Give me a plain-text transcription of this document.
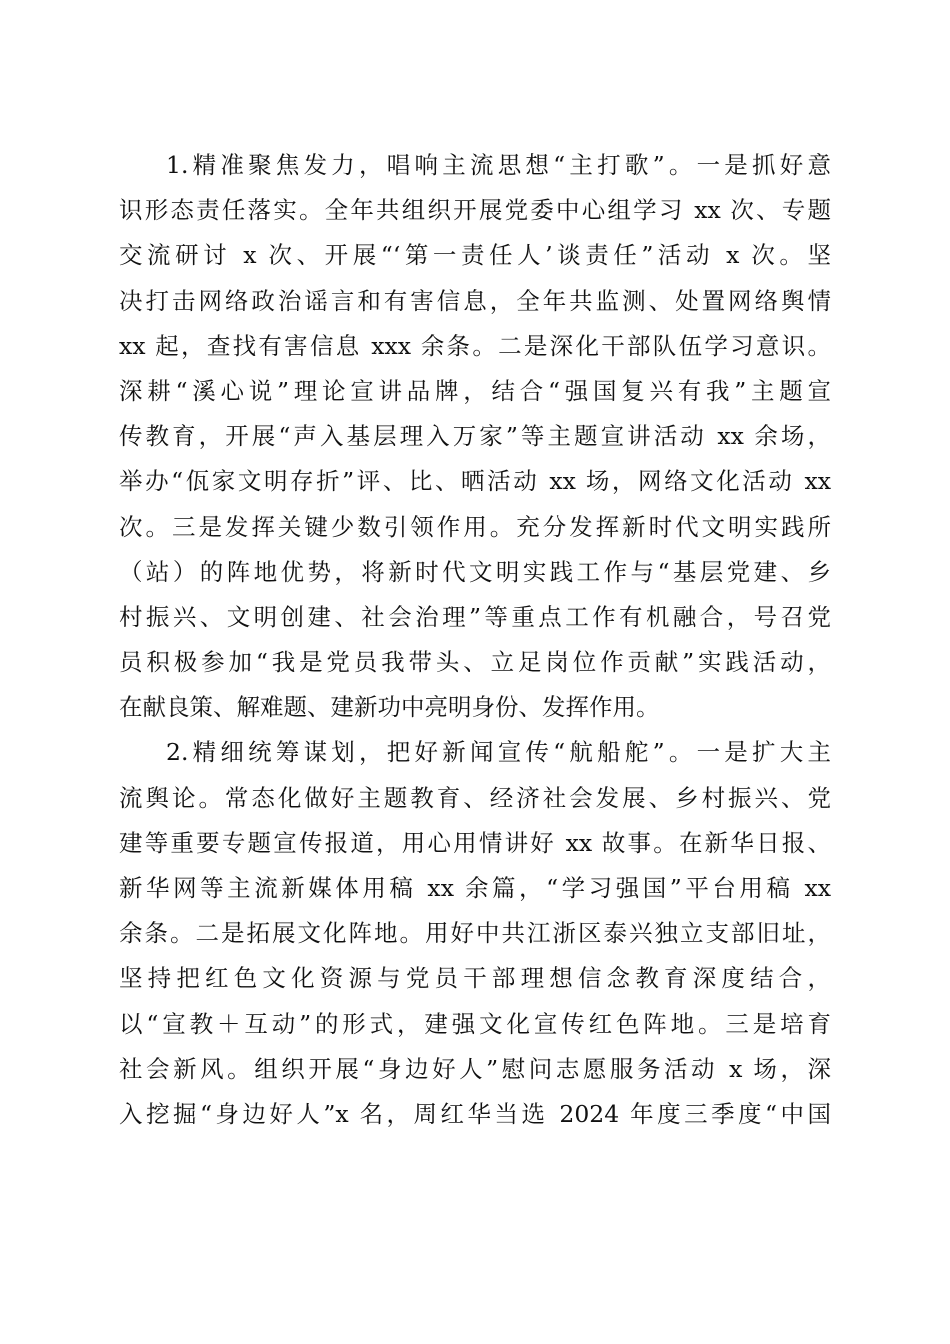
1.精准聚焦发力，唱响主流思想“主打歌”。一是抓好意
识形态责任落实。全年共组织开展党委中心组学习 xx 次、专题
交流研讨 x 次、开展“‘第一责任人’谈责任”活动 x 次。坚
决打击网络政治谣言和有害信息，全年共监测、处置网络舆情
xx 起，查找有害信息 xxx 余条。二是深化干部队伍学习意识。
深耕“溪心说”理论宣讲品牌，结合“强国复兴有我”主题宣
传教育，开展“声入基层理入万家”等主题宣讲活动 xx 余场，
举办“佤家文明存折”评、比、晒活动 xx 场，网络文化活动 xx
次。三是发挥关键少数引领作用。充分发挥新时代文明实践所
（站）的阵地优势，将新时代文明实践工作与“基层党建、乡
村振兴、文明创建、社会治理”等重点工作有机融合，号召党
员积极参加“我是党员我带头、立足岗位作贡献”实践活动，
在献良策、解难题、建新功中亮明身份、发挥作用。
2.精细统筹谋划，把好新闻宣传“航船舵”。一是扩大主
流舆论。常态化做好主题教育、经济社会发展、乡村振兴、党
建等重要专题宣传报道，用心用情讲好 xx 故事。在新华日报、
新华网等主流新媒体用稿 xx 余篇，“学习强国”平台用稿 xx
余条。二是拓展文化阵地。用好中共江浙区泰兴独立支部旧址，
坚持把红色文化资源与党员干部理想信念教育深度结合，
以“宣教＋互动”的形式，建强文化宣传红色阵地。三是培育
社会新风。组织开展“身边好人”慰问志愿服务活动 x 场，深
入挖掘“身边好人”x 名，周红华当选 2024 年度三季度“中国
